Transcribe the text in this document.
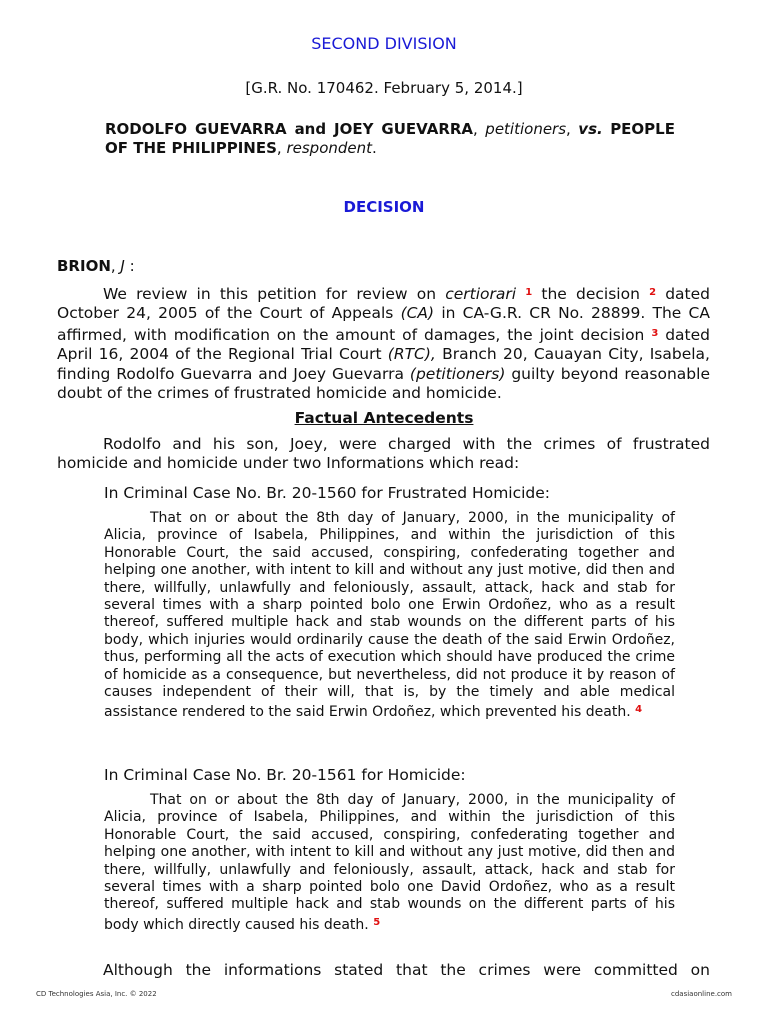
SECOND DIVISION
[G.R. No. 170462. February 5, 2014.]
RODOLFO GUEVARRA and JOEY GUEVARRA, petitioners, vs. PEOPLE OF THE PHILIPPINES, respondent.
DECISION
BRION, J :
We review in this petition for review on certiorari $^1$ the decision $^2$ dated October 24, 2005 of the Court of Appeals (CA) in CA-G.R. CR No. 28899. The CA affirmed, with modification on the amount of damages, the joint decision $^3$ dated April 16, 2004 of the Regional Trial Court (RTC), Branch 20, Cauayan City, Isabela, finding Rodolfo Guevarra and Joey Guevarra (petitioners) guilty beyond reasonable doubt of the crimes of frustrated homicide and homicide.
Factual Antecedents
Rodolfo and his son, Joey, were charged with the crimes of frustrated homicide and homicide under two Informations which read:
In Criminal Case No. Br. 20-1560 for Frustrated Homicide:
That on or about the 8th day of January, 2000, in the municipality of Alicia, province of Isabela, Philippines, and within the jurisdiction of this Honorable Court, the said accused, conspiring, confederating together and helping one another, with intent to kill and without any just motive, did then and there, willfully, unlawfully and feloniously, assault, attack, hack and stab for several times with a sharp pointed bolo one Erwin Ordoñez, who as a result thereof, suffered multiple hack and stab wounds on the different parts of his body, which injuries would ordinarily cause the death of the said Erwin Ordoñez, thus, performing all the acts of execution which should have produced the crime of homicide as a consequence, but nevertheless, did not produce it by reason of causes independent of their will, that is, by the timely and able medical assistance rendered to the said Erwin Ordoñez, which prevented his death. $^4$
In Criminal Case No. Br. 20-1561 for Homicide:
That on or about the 8th day of January, 2000, in the municipality of Alicia, province of Isabela, Philippines, and within the jurisdiction of this Honorable Court, the said accused, conspiring, confederating together and helping one another, with intent to kill and without any just motive, did then and there, willfully, unlawfully and feloniously, assault, attack, hack and stab for several times with a sharp pointed bolo one David Ordoñez, who as a result thereof, suffered multiple hack and stab wounds on the different parts of his body which directly caused his death. $^5$
Although the informations stated that the crimes were committed on
CD Technologies Asia, Inc. © 2022	cdasiaonline.com
